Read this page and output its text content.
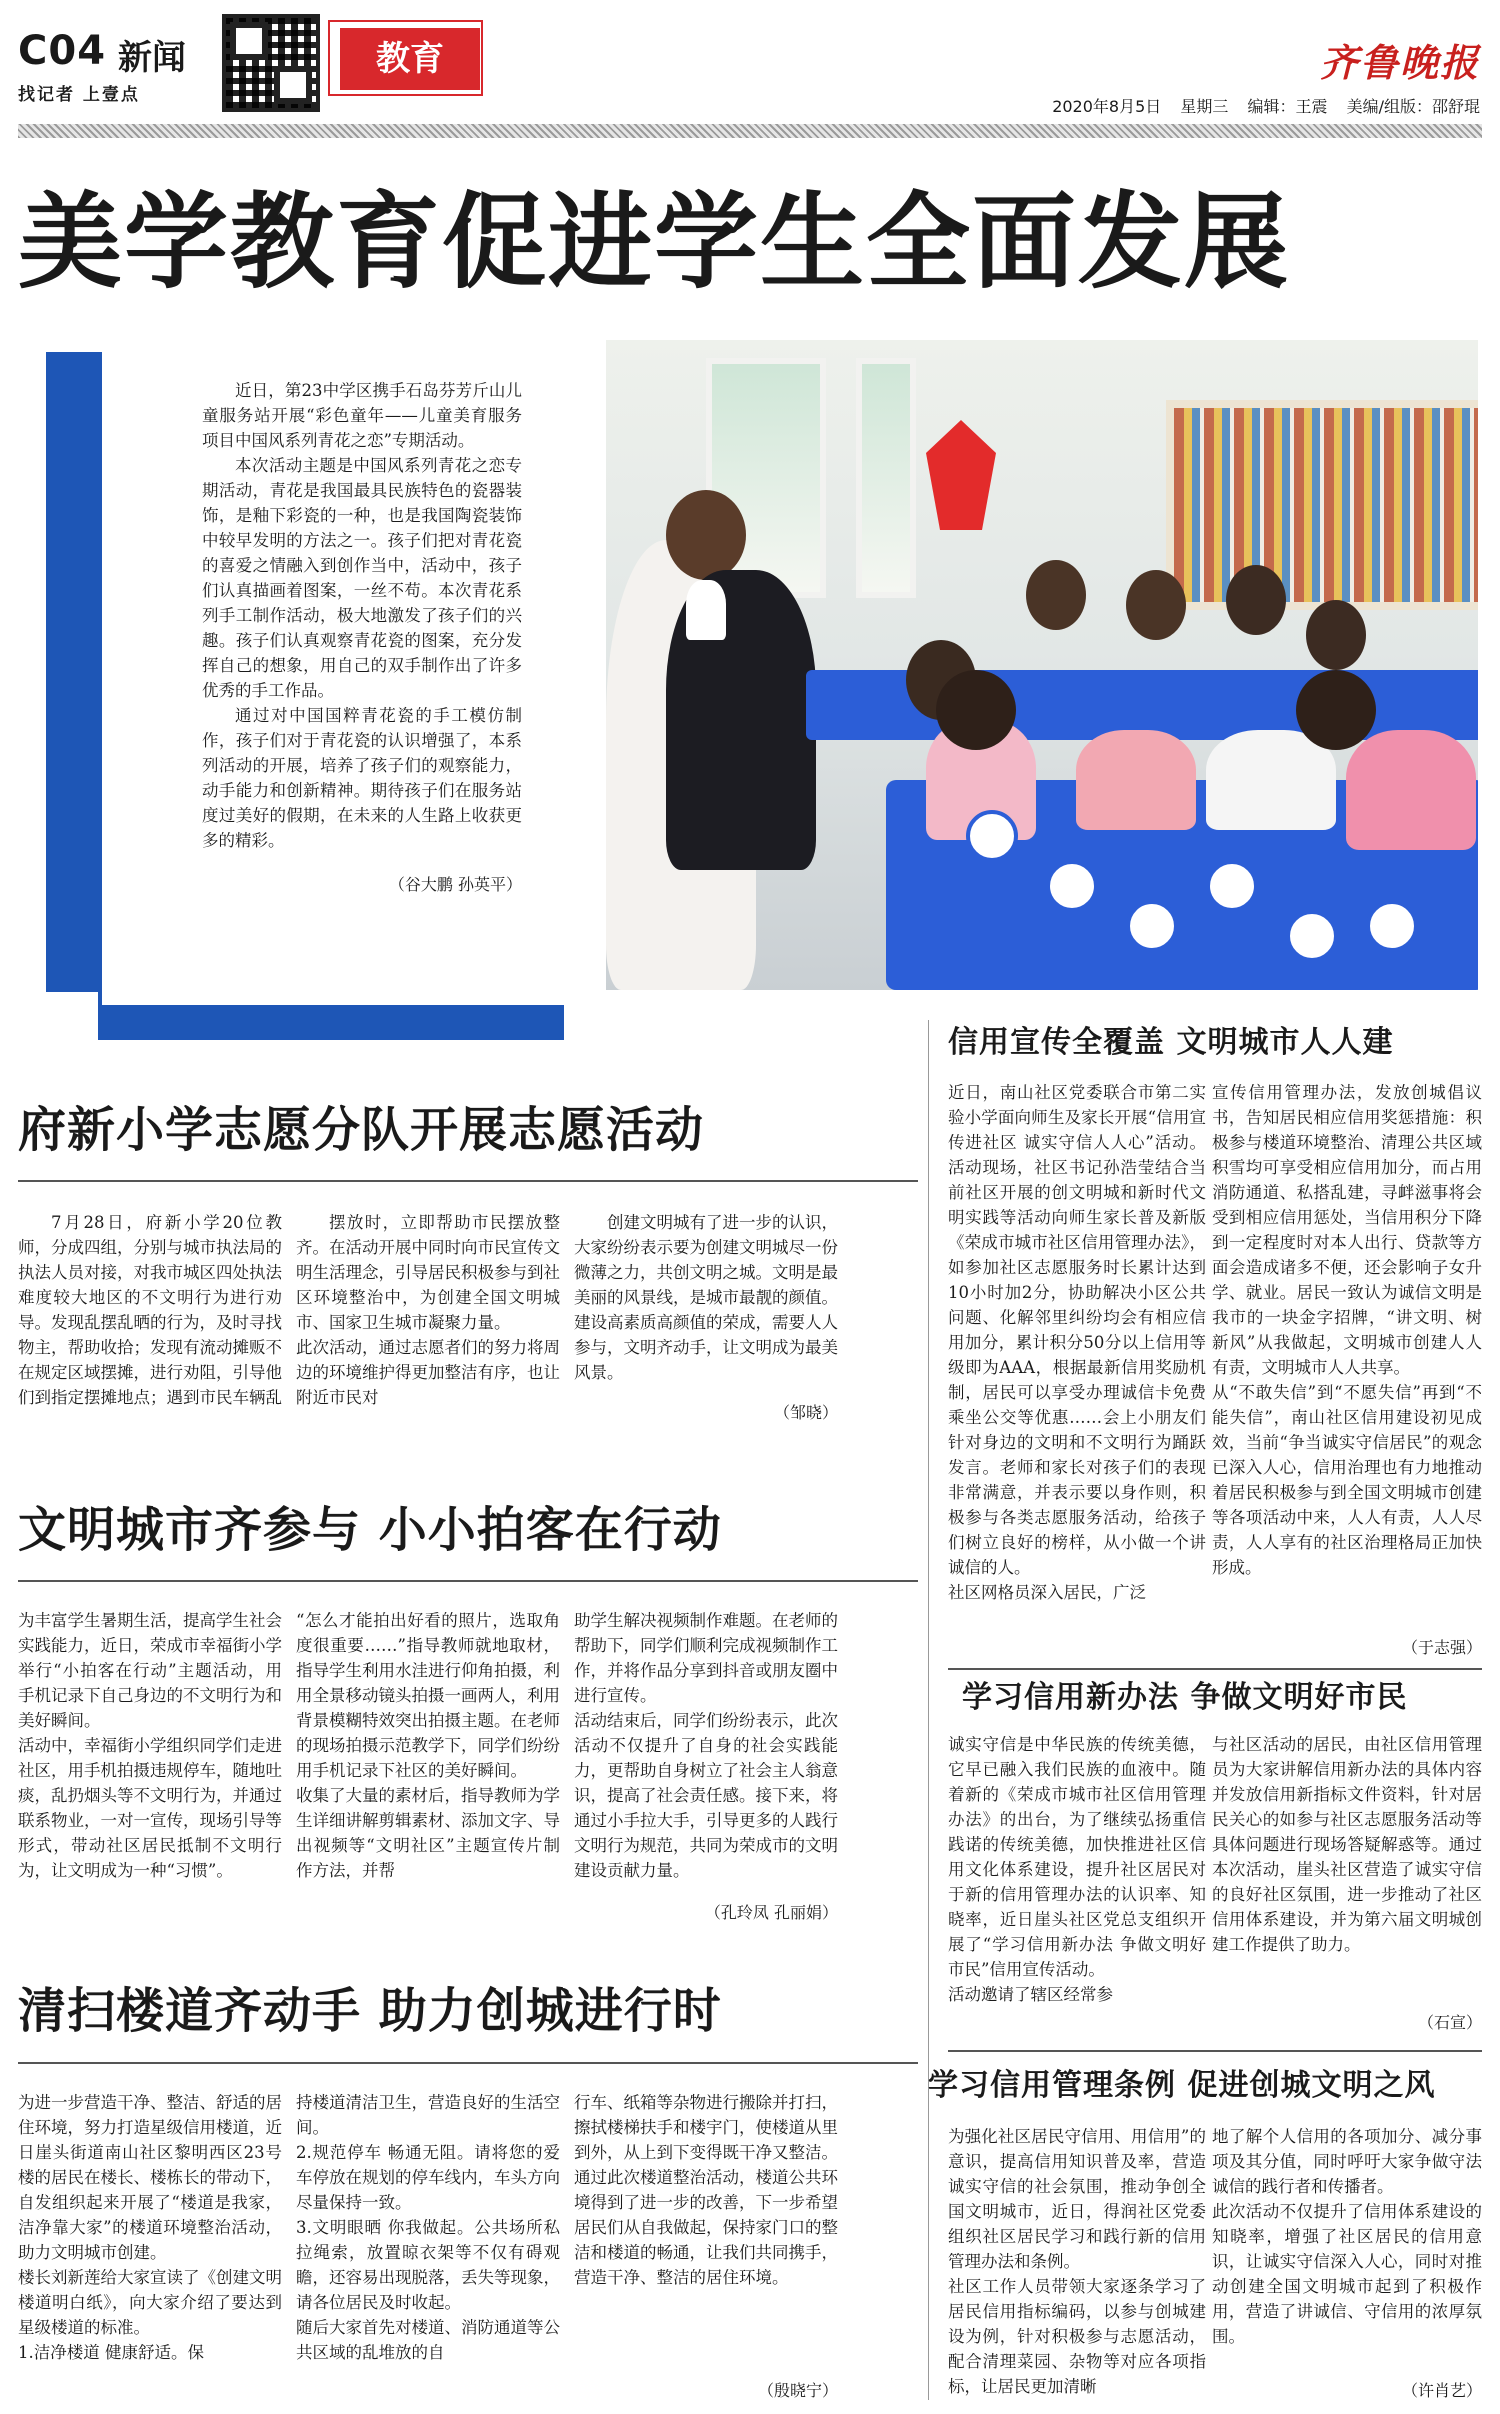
C04 新闻
找记者 上壹点
教育	齐鲁晚报
2020年8月5日 星期三 编辑：王震 美编/组版：邵舒琨
美学教育促进学生全面发展

近日，第23中学区携手石岛芬芳斤山儿童服务站开展“彩色童年——儿童美育服务项目中国风系列青花之恋”专期活动。

本次活动主题是中国风系列青花之恋专期活动，青花是我国最具民族特色的瓷器装饰，是釉下彩瓷的一种，也是我国陶瓷装饰中较早发明的方法之一。孩子们把对青花瓷的喜爱之情融入到创作当中，活动中，孩子们认真描画着图案，一丝不苟。本次青花系列手工制作活动，极大地激发了孩子们的兴趣。孩子们认真观察青花瓷的图案，充分发挥自己的想象，用自己的双手制作出了许多优秀的手工作品。

通过对中国国粹青花瓷的手工模仿制作，孩子们对于青花瓷的认识增强了，本系列活动的开展，培养了孩子们的观察能力，动手能力和创新精神。期待孩子们在服务站度过美好的假期，在未来的人生路上收获更多的精彩。

（谷大鹏 孙英平）
府新小学志愿分队开展志愿活动

7月28日，府新小学20位教师，分成四组，分别与城市执法局的执法人员对接，对我市城区四处执法难度较大地区的不文明行为进行劝导。发现乱摆乱晒的行为，及时寻找物主，帮助收拾；发现有流动摊贩不在规定区域摆摊，进行劝阻，引导他们到指定摆摊地点；遇到市民车辆乱

摆放时，立即帮助市民摆放整齐。在活动开展中同时向市民宣传文明生活理念，引导居民积极参与到社区环境整治中，为创建全国文明城市、国家卫生城市凝聚力量。
此次活动，通过志愿者们的努力将周边的环境维护得更加整洁有序，也让附近市民对

创建文明城有了进一步的认识，大家纷纷表示要为创建文明城尽一份微薄之力，共创文明之城。文明是最美丽的风景线，是城市最靓的颜值。建设高素质高颜值的荣成，需要人人参与，文明齐动手，让文明成为最美风景。

（邹晓）
文明城市齐参与 小小拍客在行动
为丰富学生暑期生活，提高学生社会实践能力，近日，荣成市幸福街小学举行“小拍客在行动”主题活动，用手机记录下自己身边的不文明行为和美好瞬间。
活动中，幸福街小学组织同学们走进社区，用手机拍摄违规停车，随地吐痰，乱扔烟头等不文明行为，并通过联系物业，一对一宣传，现场引导等形式，带动社区居民抵制不文明行为，让文明成为一种“习惯”。
“怎么才能拍出好看的照片，选取角度很重要……”指导教师就地取材，指导学生利用水洼进行仰角拍摄，利用全景移动镜头拍摄一画两人，利用背景模糊特效突出拍摄主题。在老师的现场拍摄示范教学下，同学们纷纷用手机记录下社区的美好瞬间。
收集了大量的素材后，指导教师为学生详细讲解剪辑素材、添加文字、导出视频等“文明社区”主题宣传片制作方法，并帮
助学生解决视频制作难题。在老师的帮助下，同学们顺利完成视频制作工作，并将作品分享到抖音或朋友圈中进行宣传。
活动结束后，同学们纷纷表示，此次活动不仅提升了自身的社会实践能力，更帮助自身树立了社会主人翁意识，提高了社会责任感。接下来，将通过小手拉大手，引导更多的人践行文明行为规范，共同为荣成市的文明建设贡献力量。
（孔玲凤 孔丽娟）
清扫楼道齐动手 助力创城进行时
为进一步营造干净、整洁、舒适的居住环境，努力打造星级信用楼道，近日崖头街道南山社区黎明西区23号楼的居民在楼长、楼栋长的带动下，自发组织起来开展了“楼道是我家，洁净靠大家”的楼道环境整治活动，助力文明城市创建。
楼长刘新莲给大家宣读了《创建文明楼道明白纸》，向大家介绍了要达到星级楼道的标准。
1.洁净楼道 健康舒适。保
持楼道清洁卫生，营造良好的生活空间。
2.规范停车 畅通无阻。请将您的爱车停放在规划的停车线内，车头方向尽量保持一致。
3.文明眼晒 你我做起。公共场所私拉绳索，放置晾衣架等不仅有碍观瞻，还容易出现脱落，丢失等现象，请各位居民及时收起。
随后大家首先对楼道、消防通道等公共区域的乱堆放的自
行车、纸箱等杂物进行搬除并打扫，擦拭楼梯扶手和楼宇门，使楼道从里到外，从上到下变得既干净又整洁。
通过此次楼道整治活动，楼道公共环境得到了进一步的改善，下一步希望居民们从自我做起，保持家门口的整洁和楼道的畅通，让我们共同携手，营造干净、整洁的居住环境。
（殷晓宁）
信用宣传全覆盖 文明城市人人建
近日，南山社区党委联合市第二实验小学面向师生及家长开展“信用宣传进社区 诚实守信人人心”活动。活动现场，社区书记孙浩莹结合当前社区开展的创文明城和新时代文明实践等活动向师生家长普及新版《荣成市城市社区信用管理办法》，如参加社区志愿服务时长累计达到10小时加2分，协助解决小区公共问题、化解邻里纠纷均会有相应信用加分，累计积分50分以上信用等级即为AAA，根据最新信用奖励机制，居民可以享受办理诚信卡免费乘坐公交等优惠……会上小朋友们针对身边的文明和不文明行为踊跃发言。老师和家长对孩子们的表现非常满意，并表示要以身作则，积极参与各类志愿服务活动，给孩子们树立良好的榜样，从小做一个讲诚信的人。
社区网格员深入居民，广泛
宣传信用管理办法，发放创城倡议书，告知居民相应信用奖惩措施：积极参与楼道环境整治、清理公共区域积雪均可享受相应信用加分，而占用消防通道、私搭乱建，寻衅滋事将会受到相应信用惩处，当信用积分下降到一定程度时对本人出行、贷款等方面会造成诸多不便，还会影响子女升学、就业。居民一致认为诚信文明是我市的一块金字招牌，“讲文明、树新风”从我做起，文明城市创建人人有责，文明城市人人共享。
从“不敢失信”到“不愿失信”再到“不能失信”，南山社区信用建设初见成效，当前“争当诚实守信居民”的观念已深入人心，信用治理也有力地推动着居民积极参与到全国文明城市创建等各项活动中来，人人有责，人人尽责，人人享有的社区治理格局正加快形成。
（于志强）
学习信用新办法 争做文明好市民
诚实守信是中华民族的传统美德，它早已融入我们民族的血液中。随着新的《荣成市城市社区信用管理办法》的出台，为了继续弘扬重信践诺的传统美德，加快推进社区信用文化体系建设，提升社区居民对于新的信用管理办法的认识率、知晓率，近日崖头社区党总支组织开展了“学习信用新办法 争做文明好市民”信用宣传活动。
活动邀请了辖区经常参
与社区活动的居民，由社区信用管理员为大家讲解信用新办法的具体内容并发放信用新指标文件资料，针对居民关心的如参与社区志愿服务活动等具体问题进行现场答疑解惑等。通过本次活动，崖头社区营造了诚实守信的良好社区氛围，进一步推动了社区信用体系建设，并为第六届文明城创建工作提供了助力。
（石宣）
学习信用管理条例 促进创城文明之风
为强化社区居民守信用、用信用”的意识，提高信用知识普及率，营造诚实守信的社会氛围，推动争创全国文明城市，近日，得润社区党委组织社区居民学习和践行新的信用管理办法和条例。
社区工作人员带领大家逐条学习了居民信用指标编码，以参与创城建设为例，针对积极参与志愿活动，配合清理菜园、杂物等对应各项指标，让居民更加清晰
地了解个人信用的各项加分、减分事项及其分值，同时呼吁大家争做守法诚信的践行者和传播者。
此次活动不仅提升了信用体系建设的知晓率，增强了社区居民的信用意识，让诚实守信深入人心，同时对推动创建全国文明城市起到了积极作用，营造了讲诚信、守信用的浓厚氛围。
（许肖艺）
